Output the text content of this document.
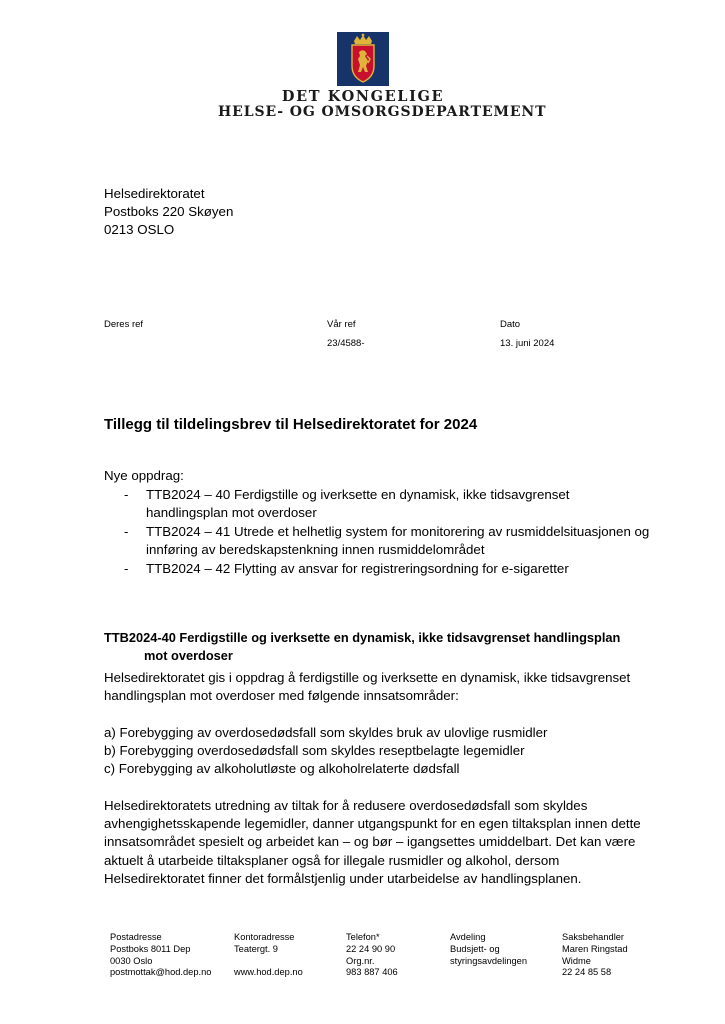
DET KONGELIGE
HELSE- OG OMSORGSDEPARTEMENT
Helsedirektoratet
Postboks 220 Skøyen
0213 OSLO
Deres ref	Vår ref
23/4588-
Dato
13. juni 2024
Tillegg til tildelingsbrev til Helsedirektoratet for 2024
Nye oppdrag:
- TTB2024 – 40 Ferdigstille og iverksette en dynamisk, ikke tidsavgrenset
handlingsplan mot overdoser
- TTB2024 – 41 Utrede et helhetlig system for monitorering av rusmiddelsituasjonen og
innføring av beredskapstenkning innen rusmiddelområdet
- TTB2024 – 42 Flytting av ansvar for registreringsordning for e-sigaretter
TTB2024-40 Ferdigstille og iverksette en dynamisk, ikke tidsavgrenset handlingsplan
mot overdoser
Helsedirektoratet gis i oppdrag å ferdigstille og iverksette en dynamisk, ikke tidsavgrenset
handlingsplan mot overdoser med følgende innsatsområder:
a) Forebygging av overdosedødsfall som skyldes bruk av ulovlige rusmidler
b) Forebygging overdosedødsfall som skyldes reseptbelagte legemidler
c) Forebygging av alkoholutløste og alkoholrelaterte dødsfall
Helsedirektoratets utredning av tiltak for å redusere overdosedødsfall som skyldes
avhengighetsskapende legemidler, danner utgangspunkt for en egen tiltaksplan innen dette
innsatsområdet spesielt og arbeidet kan – og bør – igangsettes umiddelbart. Det kan være
aktuelt å utarbeide tiltaksplaner også for illegale rusmidler og alkohol, dersom
Helsedirektoratet finner det formålstjenlig under utarbeidelse av handlingsplanen.
Postadresse
Postboks 8011 Dep
0030 Oslo
postmottak@hod.dep.no
Kontoradresse
Teatergt. 9
www.hod.dep.no
Telefon*
22 24 90 90
Org.nr.
983 887 406
Avdeling
Budsjett- og
styringsavdelingen
Saksbehandler
Maren Ringstad
Widme
22 24 85 58
